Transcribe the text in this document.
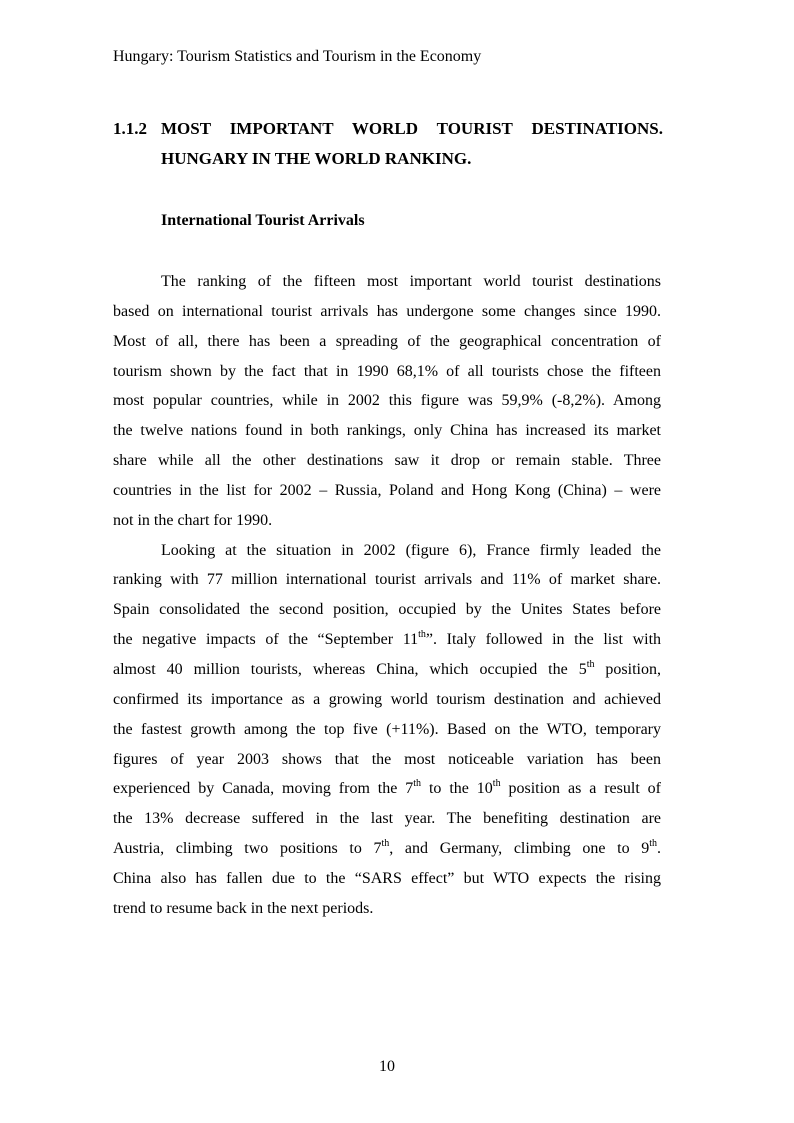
Hungary: Tourism Statistics and Tourism in the Economy
1.1.2 MOST IMPORTANT WORLD TOURIST DESTINATIONS.
HUNGARY IN THE WORLD RANKING.
International Tourist Arrivals
The ranking of the fifteen most important world tourist destinations
based on international tourist arrivals has undergone some changes since 1990.
Most of all, there has been a spreading of the geographical concentration of
tourism shown by the fact that in 1990 68,1% of all tourists chose the fifteen
most popular countries, while in 2002 this figure was 59,9% (-8,2%). Among
the twelve nations found in both rankings, only China has increased its market
share while all the other destinations saw it drop or remain stable. Three
countries in the list for 2002 – Russia, Poland and Hong Kong (China) – were
not in the chart for 1990.
Looking at the situation in 2002 (figure 6), France firmly leaded the
ranking with 77 million international tourist arrivals and 11% of market share.
Spain consolidated the second position, occupied by the Unites States before
the negative impacts of the “September 11th”. Italy followed in the list with
almost 40 million tourists, whereas China, which occupied the 5th position,
confirmed its importance as a growing world tourism destination and achieved
the fastest growth among the top five (+11%). Based on the WTO, temporary
figures of year 2003 shows that the most noticeable variation has been
experienced by Canada, moving from the 7th to the 10th position as a result of
the 13% decrease suffered in the last year. The benefiting destination are
Austria, climbing two positions to 7th, and Germany, climbing one to 9th.
China also has fallen due to the “SARS effect” but WTO expects the rising
trend to resume back in the next periods.
10
